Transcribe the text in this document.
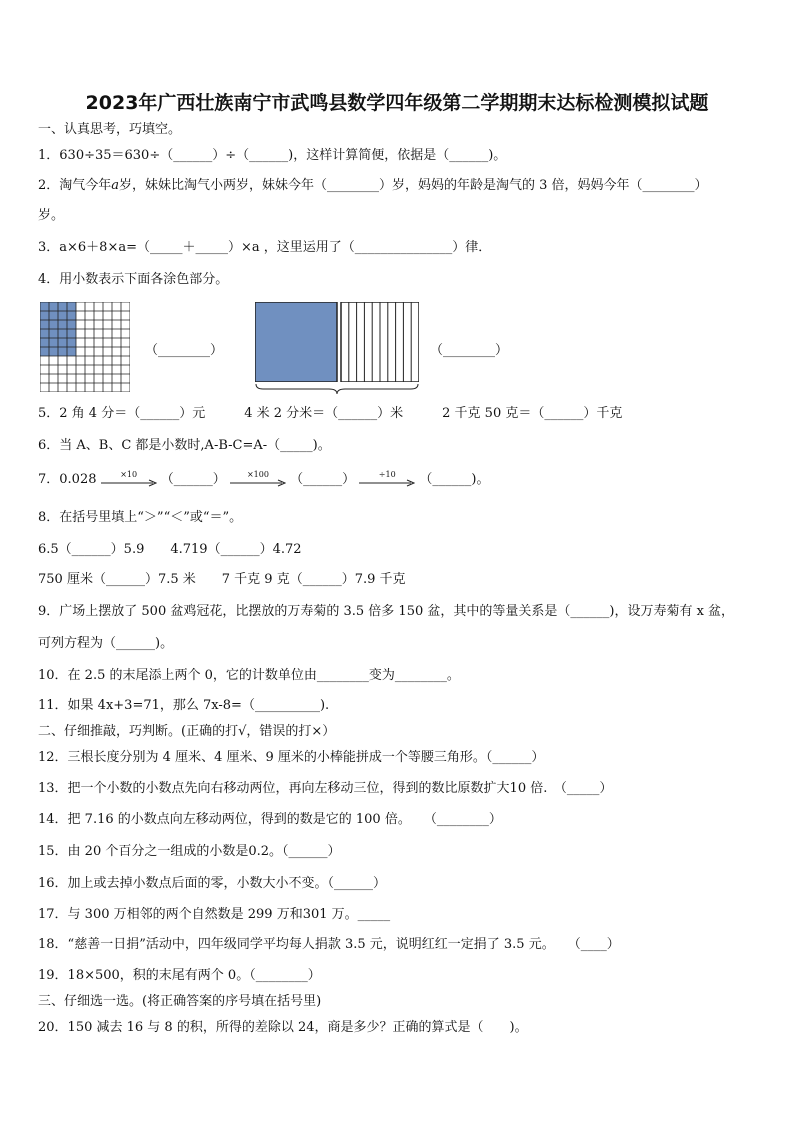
2023年广西壮族南宁市武鸣县数学四年级第二学期期末达标检测模拟试题
一、认真思考，巧填空。
1．630÷35＝630÷（______）÷（______)，这样计算简便，依据是（______)。
2．淘气今年𝑎岁，妹妹比淘气小两岁，妹妹今年（________）岁，妈妈的年龄是淘气的 3 倍，妈妈今年（________）
岁。
3．a×6＋8×a=（_____＋_____）×a ，这里运用了（_______________）律．
4．用小数表示下面各涂色部分。
（________）	（________）
5．2 角 4 分＝（______）元　　　4 米 2 分米＝（______）米　　　2 千克 50 克＝（______）千克
6．当 A、B、C 都是小数时,A-B-C=A-（_____)。
7．0.028	×10	（______）	×100	（______）	÷10	（______)。
8．在括号里填上“＞”“＜”或“＝”。
6.5（______）5.9　　4.719（______）4.72
750 厘米（______）7.5 米　　7 千克 9 克（______）7.9 千克
9．广场上摆放了 500 盆鸡冠花，比摆放的万寿菊的 3.5 倍多 150 盆，其中的等量关系是（______)，设万寿菊有 x 盆，
可列方程为（______)。
10．在 2.5 的末尾添上两个 0，它的计数单位由________变为________。
11．如果 4x+3=71，那么 7x-8=（__________).
二、仔细推敲，巧判断。(正确的打√，错误的打×）
12．三根长度分别为 4 厘米、4 厘米、9 厘米的小棒能拼成一个等腰三角形。（______）
13．把一个小数的小数点先向右移动两位，再向左移动三位，得到的数比原数扩大10 倍.　（_____）
14．把 7.16 的小数点向左移动两位，得到的数是它的 100 倍。　　（________）
15．由 20 个百分之一组成的小数是0.2。（______）
16．加上或去掉小数点后面的零，小数大小不变。（______）
17．与 300 万相邻的两个自然数是 299 万和301 万。_____
18．“慈善一日捐”活动中，四年级同学平均每人捐款 3.5 元，说明红红一定捐了 3.5 元。　　（____）
19．18×500，积的末尾有两个 0。（________）
三、仔细选一选。(将正确答案的序号填在括号里)
20．150 减去 16 与 8 的积，所得的差除以 24，商是多少？正确的算式是（　　)。
